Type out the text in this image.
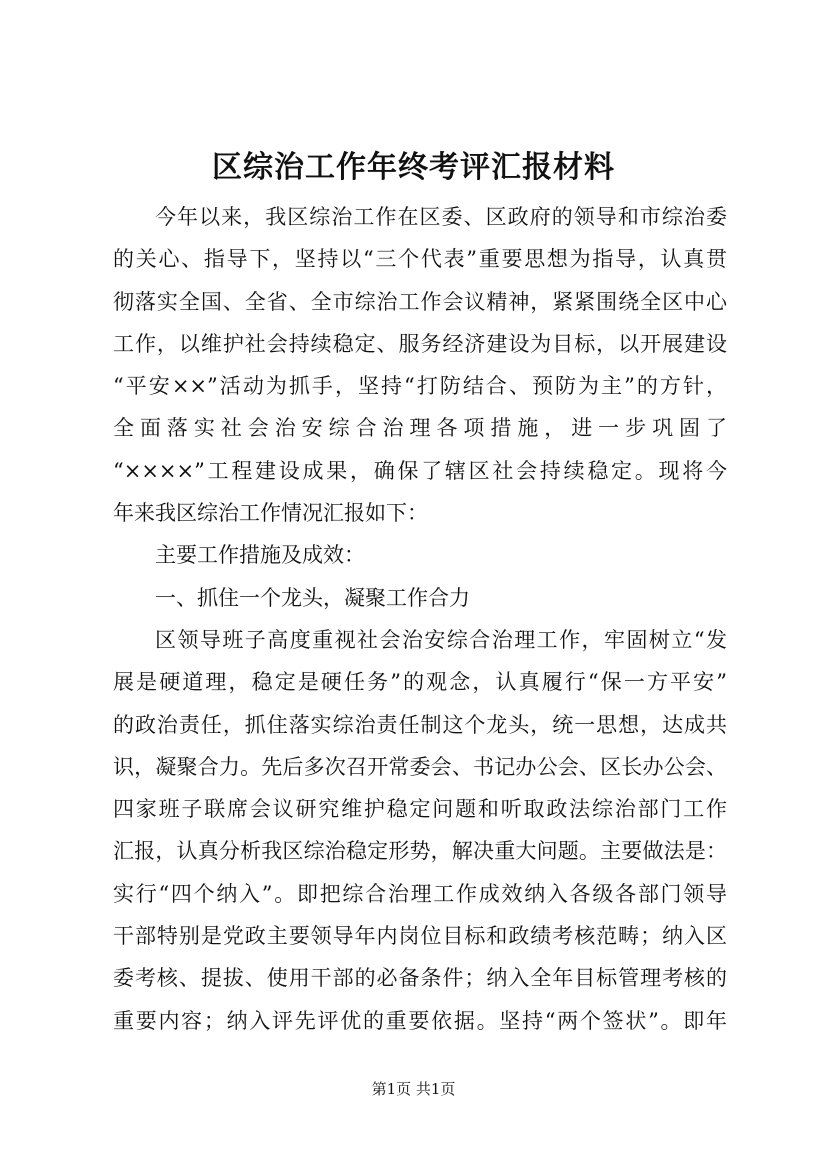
区综治工作年终考评汇报材料
今年以来，我区综治工作在区委、区政府的领导和市综治委
的关心、指导下，坚持以“三个代表”重要思想为指导，认真贯
彻落实全国、全省、全市综治工作会议精神，紧紧围绕全区中心
工作，以维护社会持续稳定、服务经济建设为目标，以开展建设
“平安××”活动为抓手，坚持“打防结合、预防为主”的方针，
全面落实社会治安综合治理各项措施，进一步巩固了
“××××”工程建设成果，确保了辖区社会持续稳定。现将今
年来我区综治工作情况汇报如下：
主要工作措施及成效：
一、抓住一个龙头，凝聚工作合力
区领导班子高度重视社会治安综合治理工作，牢固树立“发
展是硬道理，稳定是硬任务”的观念，认真履行“保一方平安”
的政治责任，抓住落实综治责任制这个龙头，统一思想，达成共
识，凝聚合力。先后多次召开常委会、书记办公会、区长办公会、
四家班子联席会议研究维护稳定问题和听取政法综治部门工作
汇报，认真分析我区综治稳定形势，解决重大问题。主要做法是：
实行“四个纳入”。即把综合治理工作成效纳入各级各部门领导
干部特别是党政主要领导年内岗位目标和政绩考核范畴；纳入区
委考核、提拔、使用干部的必备条件；纳入全年目标管理考核的
重要内容；纳入评先评优的重要依据。坚持“两个签状”。即年
第1页 共1页
